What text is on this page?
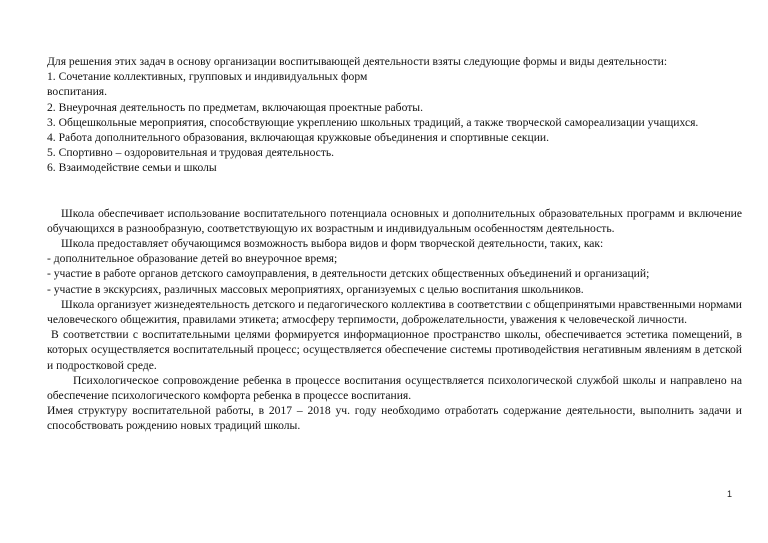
Для решения этих задач в основу организации воспитывающей деятельности взяты следующие формы и виды деятельности:

1. Сочетание коллективных, групповых и индивидуальных форм

воспитания.

2. Внеурочная деятельность по предметам, включающая проектные работы.

3. Общешкольные мероприятия, способствующие укреплению школьных традиций, а также творческой самореализации учащихся.

4. Работа дополнительного образования, включающая кружковые объединения и спортивные секции.

5. Спортивно – оздоровительная и трудовая деятельность.

6. Взаимодействие семьи и школы

Школа обеспечивает использование воспитательного потенциала основных и дополнительных образовательных программ и включение обучающихся в разнообразную, соответствующую их возрастным и индивидуальным особенностям деятельность.

Школа предоставляет обучающимся возможность выбора видов и форм творческой деятельности, таких, как:

- дополнительное образование детей во внеурочное время;

- участие в работе органов детского самоуправления, в деятельности детских общественных объединений и организаций;

- участие в экскурсиях, различных массовых мероприятиях, организуемых с целью воспитания школьников.

Школа организует жизнедеятельность детского и педагогического коллектива в соответствии с общепринятыми нравственными нормами человеческого общежития, правилами этикета; атмосферу терпимости, доброжелательности, уважения к человеческой личности.

В соответствии с воспитательными целями формируется информационное пространство школы, обеспечивается эстетика помещений, в которых осуществляется воспитательный процесс; осуществляется обеспечение системы противодействия негативным явлениям в детской и подростковой среде.

Психологическое сопровождение ребенка в процессе воспитания осуществляется психологической службой школы и направлено на обеспечение психологического комфорта ребенка в процессе воспитания.

Имея структуру воспитательной работы, в 2017 – 2018 уч. году необходимо отработать содержание деятельности, выполнить задачи и способствовать рождению новых традиций школы.

1
